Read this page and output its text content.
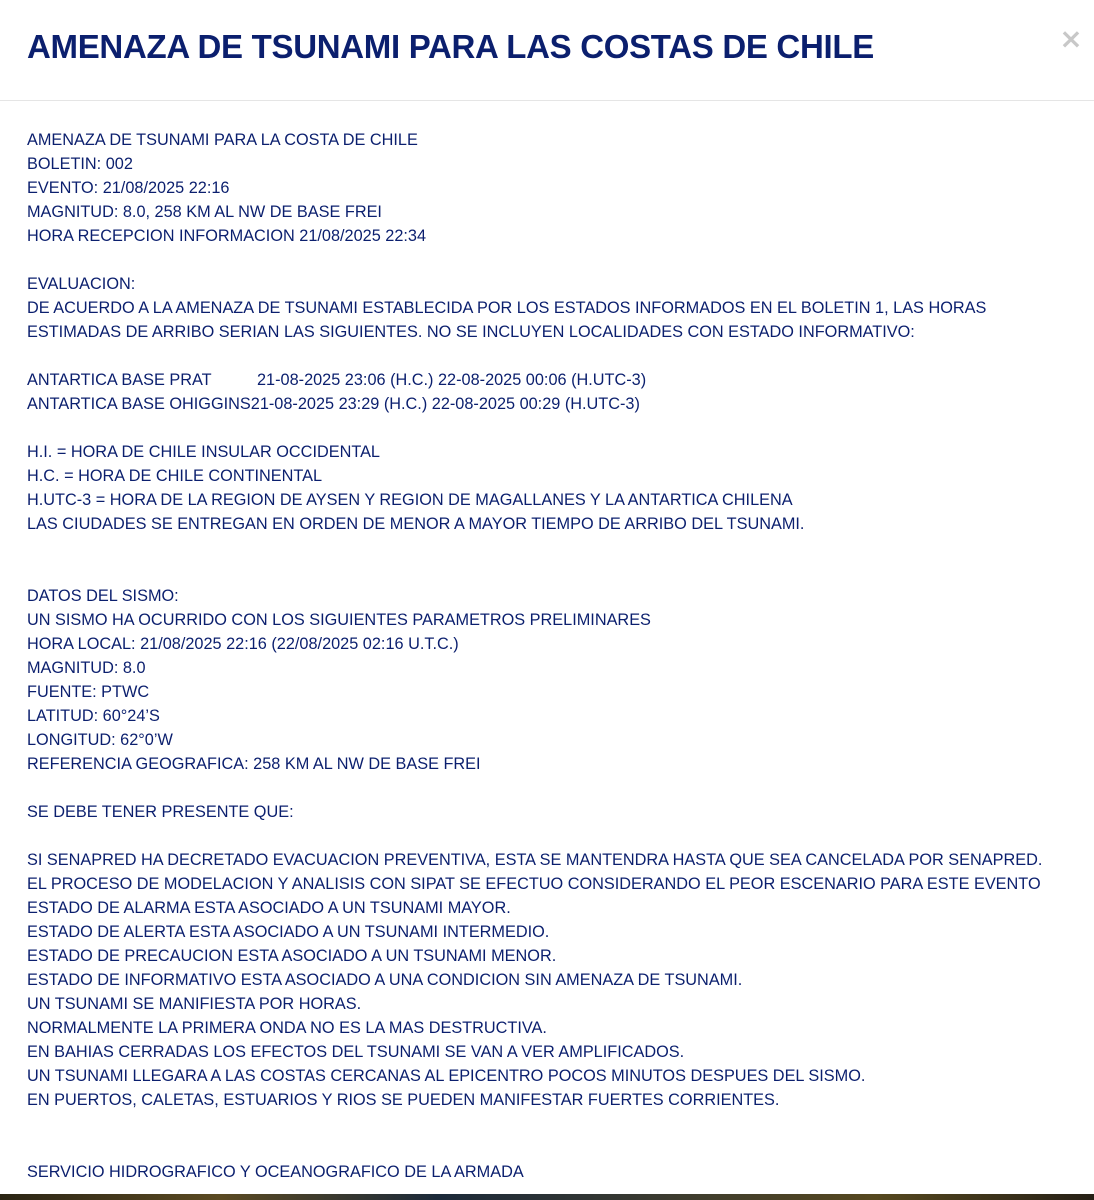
AMENAZA DE TSUNAMI PARA LAS COSTAS DE CHILE	×
AMENAZA DE TSUNAMI PARA LA COSTA DE CHILE
BOLETIN: 002
EVENTO: 21/08/2025 22:16
MAGNITUD: 8.0, 258 KM AL NW DE BASE FREI
HORA RECEPCION INFORMACION 21/08/2025 22:34
EVALUACION:
DE ACUERDO A LA AMENAZA DE TSUNAMI ESTABLECIDA POR LOS ESTADOS INFORMADOS EN EL BOLETIN 1, LAS HORAS
ESTIMADAS DE ARRIBO SERIAN LAS SIGUIENTES. NO SE INCLUYEN LOCALIDADES CON ESTADO INFORMATIVO:
ANTARTICA BASE PRAT	21-08-2025 23:06 (H.C.) 22-08-2025 00:06 (H.UTC-3)
ANTARTICA BASE OHIGGINS21-08-2025 23:29 (H.C.) 22-08-2025 00:29 (H.UTC-3)
H.I. = HORA DE CHILE INSULAR OCCIDENTAL
H.C. = HORA DE CHILE CONTINENTAL
H.UTC-3 = HORA DE LA REGION DE AYSEN Y REGION DE MAGALLANES Y LA ANTARTICA CHILENA
LAS CIUDADES SE ENTREGAN EN ORDEN DE MENOR A MAYOR TIEMPO DE ARRIBO DEL TSUNAMI.
DATOS DEL SISMO:
UN SISMO HA OCURRIDO CON LOS SIGUIENTES PARAMETROS PRELIMINARES
HORA LOCAL: 21/08/2025 22:16 (22/08/2025 02:16 U.T.C.)
MAGNITUD: 8.0
FUENTE: PTWC
LATITUD: 60°24’S
LONGITUD: 62°0’W
REFERENCIA GEOGRAFICA: 258 KM AL NW DE BASE FREI
SE DEBE TENER PRESENTE QUE:
SI SENAPRED HA DECRETADO EVACUACION PREVENTIVA, ESTA SE MANTENDRA HASTA QUE SEA CANCELADA POR SENAPRED.
EL PROCESO DE MODELACION Y ANALISIS CON SIPAT SE EFECTUO CONSIDERANDO EL PEOR ESCENARIO PARA ESTE EVENTO
ESTADO DE ALARMA ESTA ASOCIADO A UN TSUNAMI MAYOR.
ESTADO DE ALERTA ESTA ASOCIADO A UN TSUNAMI INTERMEDIO.
ESTADO DE PRECAUCION ESTA ASOCIADO A UN TSUNAMI MENOR.
ESTADO DE INFORMATIVO ESTA ASOCIADO A UNA CONDICION SIN AMENAZA DE TSUNAMI.
UN TSUNAMI SE MANIFIESTA POR HORAS.
NORMALMENTE LA PRIMERA ONDA NO ES LA MAS DESTRUCTIVA.
EN BAHIAS CERRADAS LOS EFECTOS DEL TSUNAMI SE VAN A VER AMPLIFICADOS.
UN TSUNAMI LLEGARA A LAS COSTAS CERCANAS AL EPICENTRO POCOS MINUTOS DESPUES DEL SISMO.
EN PUERTOS, CALETAS, ESTUARIOS Y RIOS SE PUEDEN MANIFESTAR FUERTES CORRIENTES.
SERVICIO HIDROGRAFICO Y OCEANOGRAFICO DE LA ARMADA
